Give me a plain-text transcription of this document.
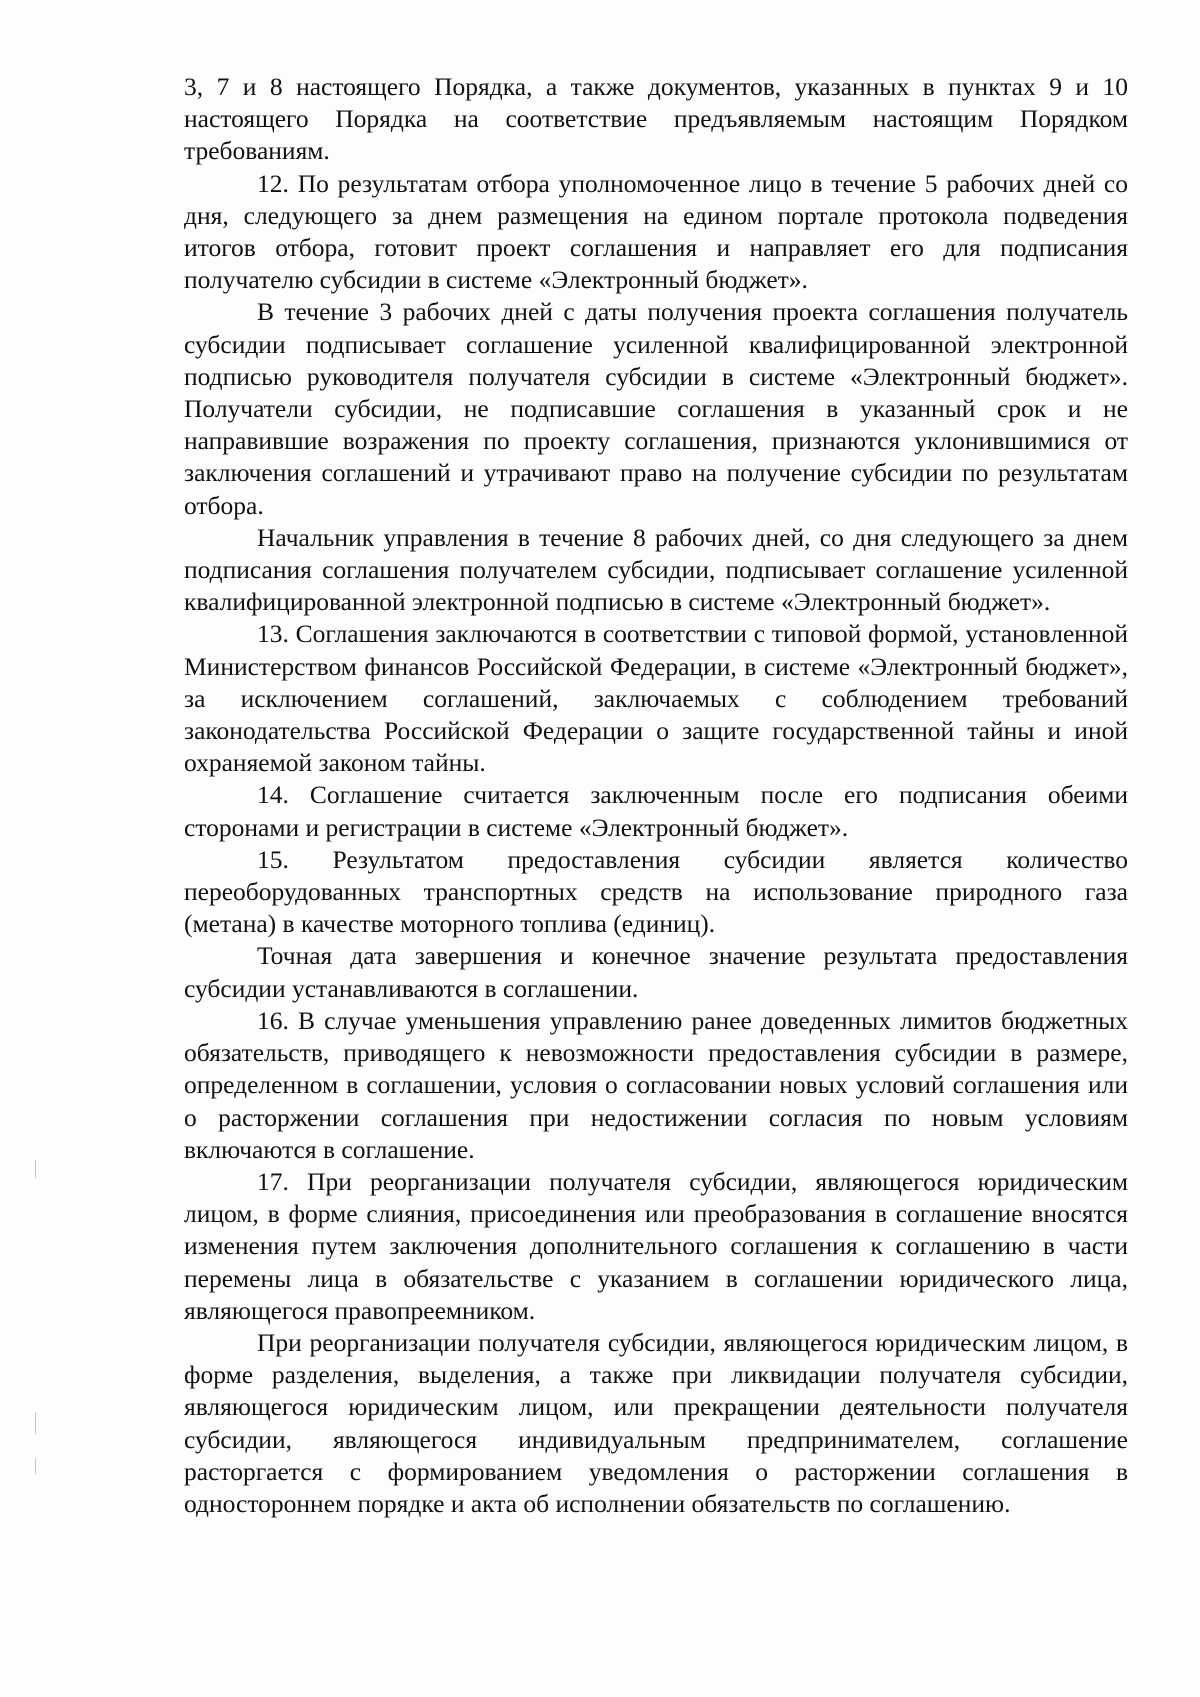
3, 7 и 8 настоящего Порядка, а также документов, указанных в пунктах 9 и 10 настоящего Порядка на соответствие предъявляемым настоящим Порядком требованиям.

12. По результатам отбора уполномоченное лицо в течение 5 рабочих дней со дня, следующего за днем размещения на едином портале протокола подведения итогов отбора, готовит проект соглашения и направляет его для подписания получателю субсидии в системе «Электронный бюджет».

В течение 3 рабочих дней с даты получения проекта соглашения получатель субсидии подписывает соглашение усиленной квалифицированной электронной подписью руководителя получателя субсидии в системе «Электронный бюджет». Получатели субсидии, не подписавшие соглашения в указанный срок и не направившие возражения по проекту соглашения, признаются уклонившимися от заключения соглашений и утрачивают право на получение субсидии по результатам отбора.

Начальник управления в течение 8 рабочих дней, со дня следующего за днем подписания соглашения получателем субсидии, подписывает соглашение усиленной квалифицированной электронной подписью в системе «Электронный бюджет».

13. Соглашения заключаются в соответствии с типовой формой, установленной Министерством финансов Российской Федерации, в системе «Электронный бюджет», за исключением соглашений, заключаемых с соблюдением требований законодательства Российской Федерации о защите государственной тайны и иной охраняемой законом тайны.

14. Соглашение считается заключенным после его подписания обеими сторонами и регистрации в системе «Электронный бюджет».

15. Результатом предоставления субсидии является количество переоборудованных транспортных средств на использование природного газа (метана) в качестве моторного топлива (единиц).

Точная дата завершения и конечное значение результата предоставления субсидии устанавливаются в соглашении.

16. В случае уменьшения управлению ранее доведенных лимитов бюджетных обязательств, приводящего к невозможности предоставления субсидии в размере, определенном в соглашении, условия о согласовании новых условий соглашения или о расторжении соглашения при недостижении согласия по новым условиям включаются в соглашение.

17. При реорганизации получателя субсидии, являющегося юридическим лицом, в форме слияния, присоединения или преобразования в соглашение вносятся изменения путем заключения дополнительного соглашения к соглашению в части перемены лица в обязательстве с указанием в соглашении юридического лица, являющегося правопреемником.

При реорганизации получателя субсидии, являющегося юридическим лицом, в форме разделения, выделения, а также при ликвидации получателя субсидии, являющегося юридическим лицом, или прекращении деятельности получателя субсидии, являющегося индивидуальным предпринимателем, соглашение расторгается с формированием уведомления о расторжении соглашения в одностороннем порядке и акта об исполнении обязательств по соглашению.
